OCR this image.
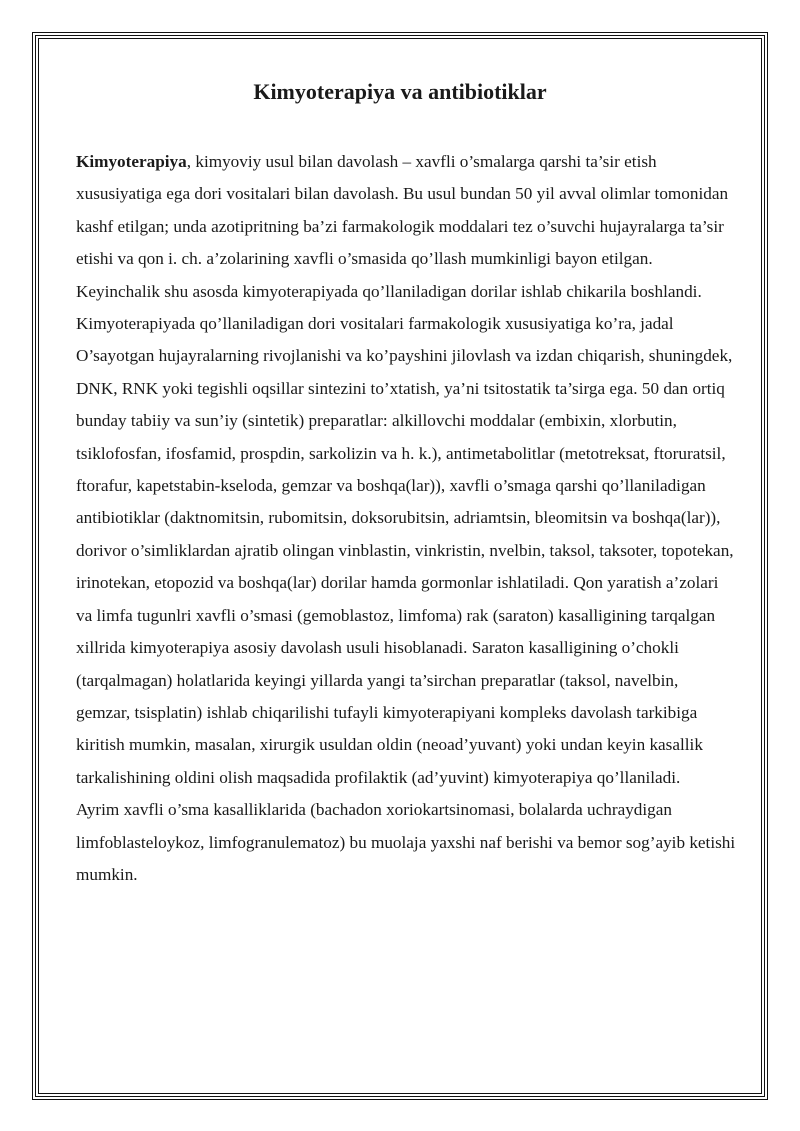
Kimyoterapiya va antibiotiklar

Kimyoterapiya, kimyoviy usul bilan davolash – xavfli o’smalarga qarshi ta’sir etish xususiyatiga ega dori vositalari bilan davolash. Bu usul bundan 50 yil avval olimlar tomonidan kashf etilgan; unda azotipritning ba’zi farmakologik moddalari tez o’suvchi hujayralarga ta’sir etishi va qon i. ch. a’zolarining xavfli o’smasida qo’llash mumkinligi bayon etilgan. Keyinchalik shu asosda kimyoterapiyada qo’llaniladigan dorilar ishlab chikarila boshlandi.

Kimyoterapiyada qo’llaniladigan dori vositalari farmakologik xususiyatiga ko’ra, jadal O’sayotgan hujayralarning rivojlanishi va ko’payshini jilovlash va izdan chiqarish, shuningdek, DNK, RNK yoki tegishli oqsillar sintezini to’xtatish, ya’ni tsitostatik ta’sirga ega. 50 dan ortiq bunday tabiiy va sun’iy (sintetik) preparatlar: alkillovchi moddalar (embixin, xlorbutin, tsiklofosfan, ifosfamid, prospdin, sarkolizin va h. k.), antimetabolitlar (metotreksat, ftoruratsil, ftorafur, kapetstabin-kseloda, gemzar va boshqa(lar)), xavfli o’smaga qarshi qo’llaniladigan antibiotiklar (daktnomitsin, rubomitsin, doksorubitsin, adriamtsin, bleomitsin va boshqa(lar)), dorivor o’simliklardan ajratib olingan vinblastin, vinkristin, nvelbin, taksol, taksoter, topotekan, irinotekan, etopozid va boshqa(lar) dorilar hamda gormonlar ishlatiladi. Qon yaratish a’zolari va limfa tugunlri xavfli o’smasi (gemoblastoz, limfoma) rak (saraton) kasalligining tarqalgan xillrida kimyoterapiya asosiy davolash usuli hisoblanadi. Saraton kasalligining o’chokli (tarqalmagan) holatlarida keyingi yillarda yangi ta’sirchan preparatlar (taksol, navelbin, gemzar, tsisplatin) ishlab chiqarilishi tufayli kimyoterapiyani kompleks davolash tarkibiga kiritish mumkin, masalan, xirurgik usuldan oldin (neoad’yuvant) yoki undan keyin kasallik tarkalishining oldini olish maqsadida profilaktik (ad’yuvint) kimyoterapiya qo’llaniladi.

Ayrim xavfli o’sma kasalliklarida (bachadon xoriokartsinomasi, bolalarda uchraydigan limfoblasteloykoz, limfogranulematoz) bu muolaja yaxshi naf berishi va bemor sog’ayib ketishi mumkin.
